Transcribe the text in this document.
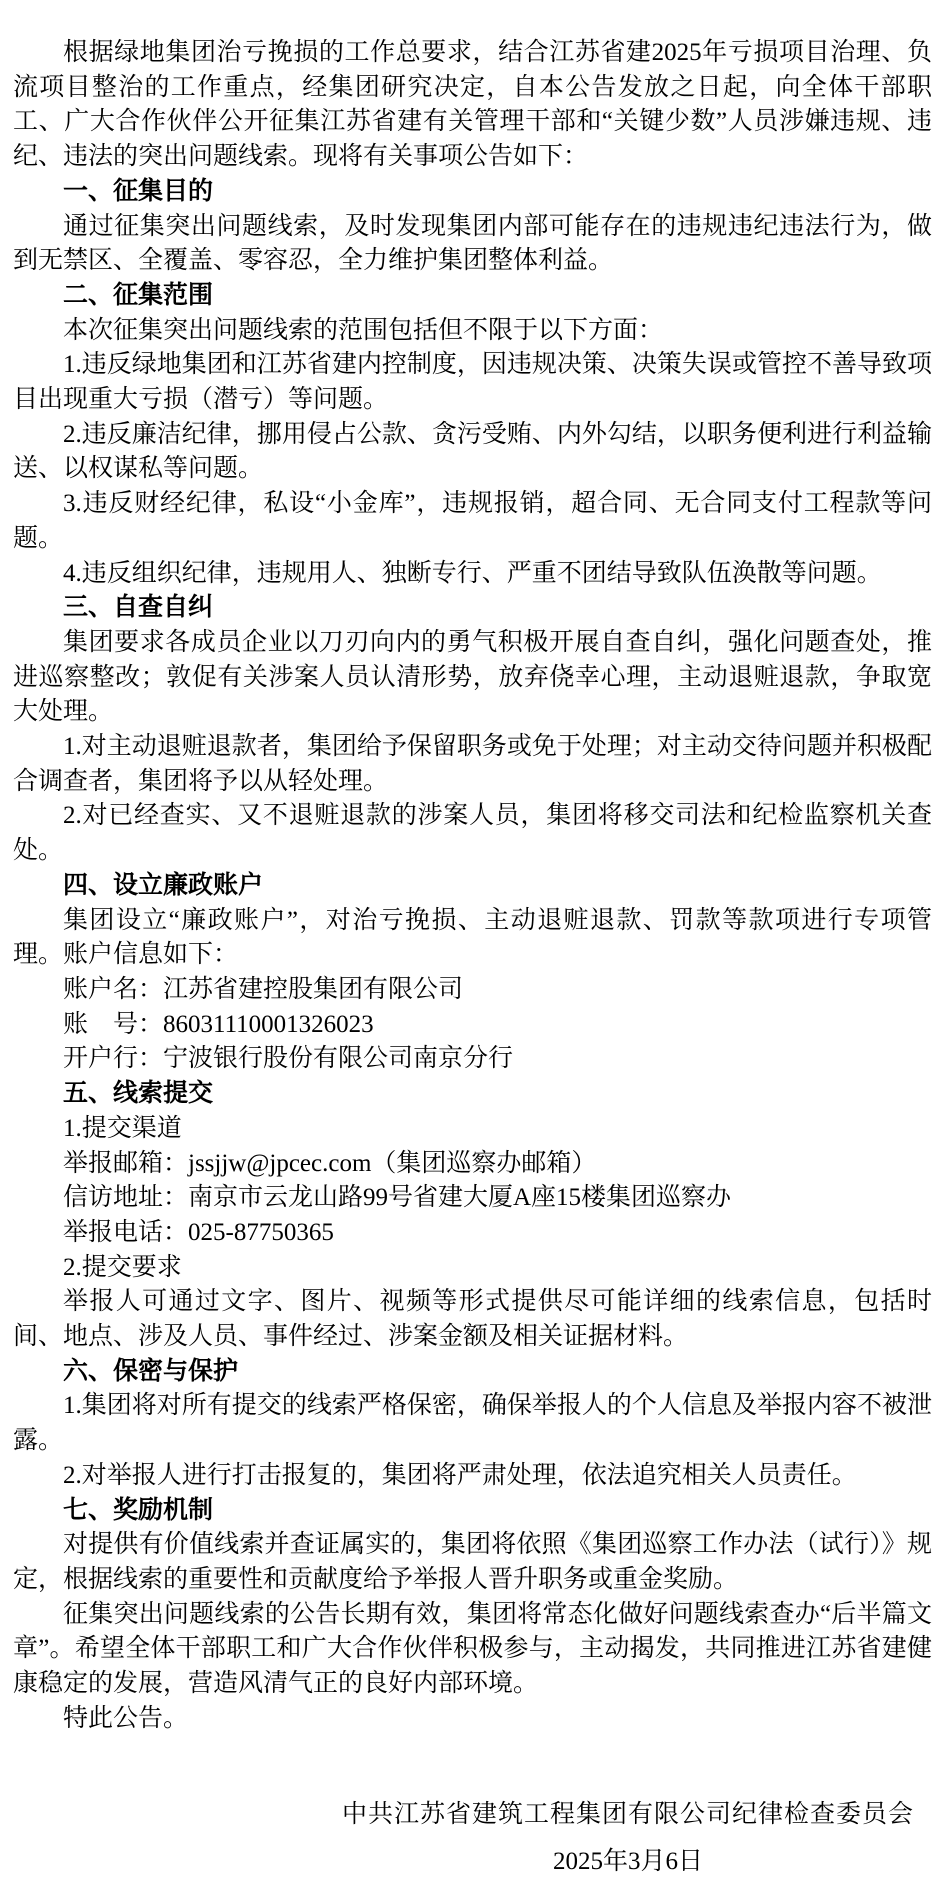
根据绿地集团治亏挽损的工作总要求，结合江苏省建2025年亏损项目治理、负流项目整治的工作重点，经集团研究决定，自本公告发放之日起，向全体干部职工、广大合作伙伴公开征集江苏省建有关管理干部和“关键少数”人员涉嫌违规、违纪、违法的突出问题线索。现将有关事项公告如下：

一、征集目的

通过征集突出问题线索，及时发现集团内部可能存在的违规违纪违法行为，做到无禁区、全覆盖、零容忍，全力维护集团整体利益。

二、征集范围

本次征集突出问题线索的范围包括但不限于以下方面：

1.违反绿地集团和江苏省建内控制度，因违规决策、决策失误或管控不善导致项目出现重大亏损（潜亏）等问题。

2.违反廉洁纪律，挪用侵占公款、贪污受贿、内外勾结，以职务便利进行利益输送、以权谋私等问题。

3.违反财经纪律，私设“小金库”，违规报销，超合同、无合同支付工程款等问题。

4.违反组织纪律，违规用人、独断专行、严重不团结导致队伍涣散等问题。

三、自查自纠

集团要求各成员企业以刀刃向内的勇气积极开展自查自纠，强化问题查处，推进巡察整改；敦促有关涉案人员认清形势，放弃侥幸心理，主动退赃退款，争取宽大处理。

1.对主动退赃退款者，集团给予保留职务或免于处理；对主动交待问题并积极配合调查者，集团将予以从轻处理。

2.对已经查实、又不退赃退款的涉案人员，集团将移交司法和纪检监察机关查处。

四、设立廉政账户

集团设立“廉政账户”，对治亏挽损、主动退赃退款、罚款等款项进行专项管理。账户信息如下：

账户名：江苏省建控股集团有限公司

账　号：86031110001326023

开户行：宁波银行股份有限公司南京分行

五、线索提交

1.提交渠道

举报邮箱：jssjjw@jpcec.com（集团巡察办邮箱）

信访地址：南京市云龙山路99号省建大厦A座15楼集团巡察办

举报电话：025-87750365

2.提交要求

举报人可通过文字、图片、视频等形式提供尽可能详细的线索信息，包括时间、地点、涉及人员、事件经过、涉案金额及相关证据材料。

六、保密与保护

1.集团将对所有提交的线索严格保密，确保举报人的个人信息及举报内容不被泄露。

2.对举报人进行打击报复的，集团将严肃处理，依法追究相关人员责任。

七、奖励机制

对提供有价值线索并查证属实的，集团将依照《集团巡察工作办法（试行）》规定，根据线索的重要性和贡献度给予举报人晋升职务或重金奖励。

征集突出问题线索的公告长期有效，集团将常态化做好问题线索查办“后半篇文章”。希望全体干部职工和广大合作伙伴积极参与，主动揭发，共同推进江苏省建健康稳定的发展，营造风清气正的良好内部环境。

特此公告。

中共江苏省建筑工程集团有限公司纪律检查委员会
2025年3月6日
